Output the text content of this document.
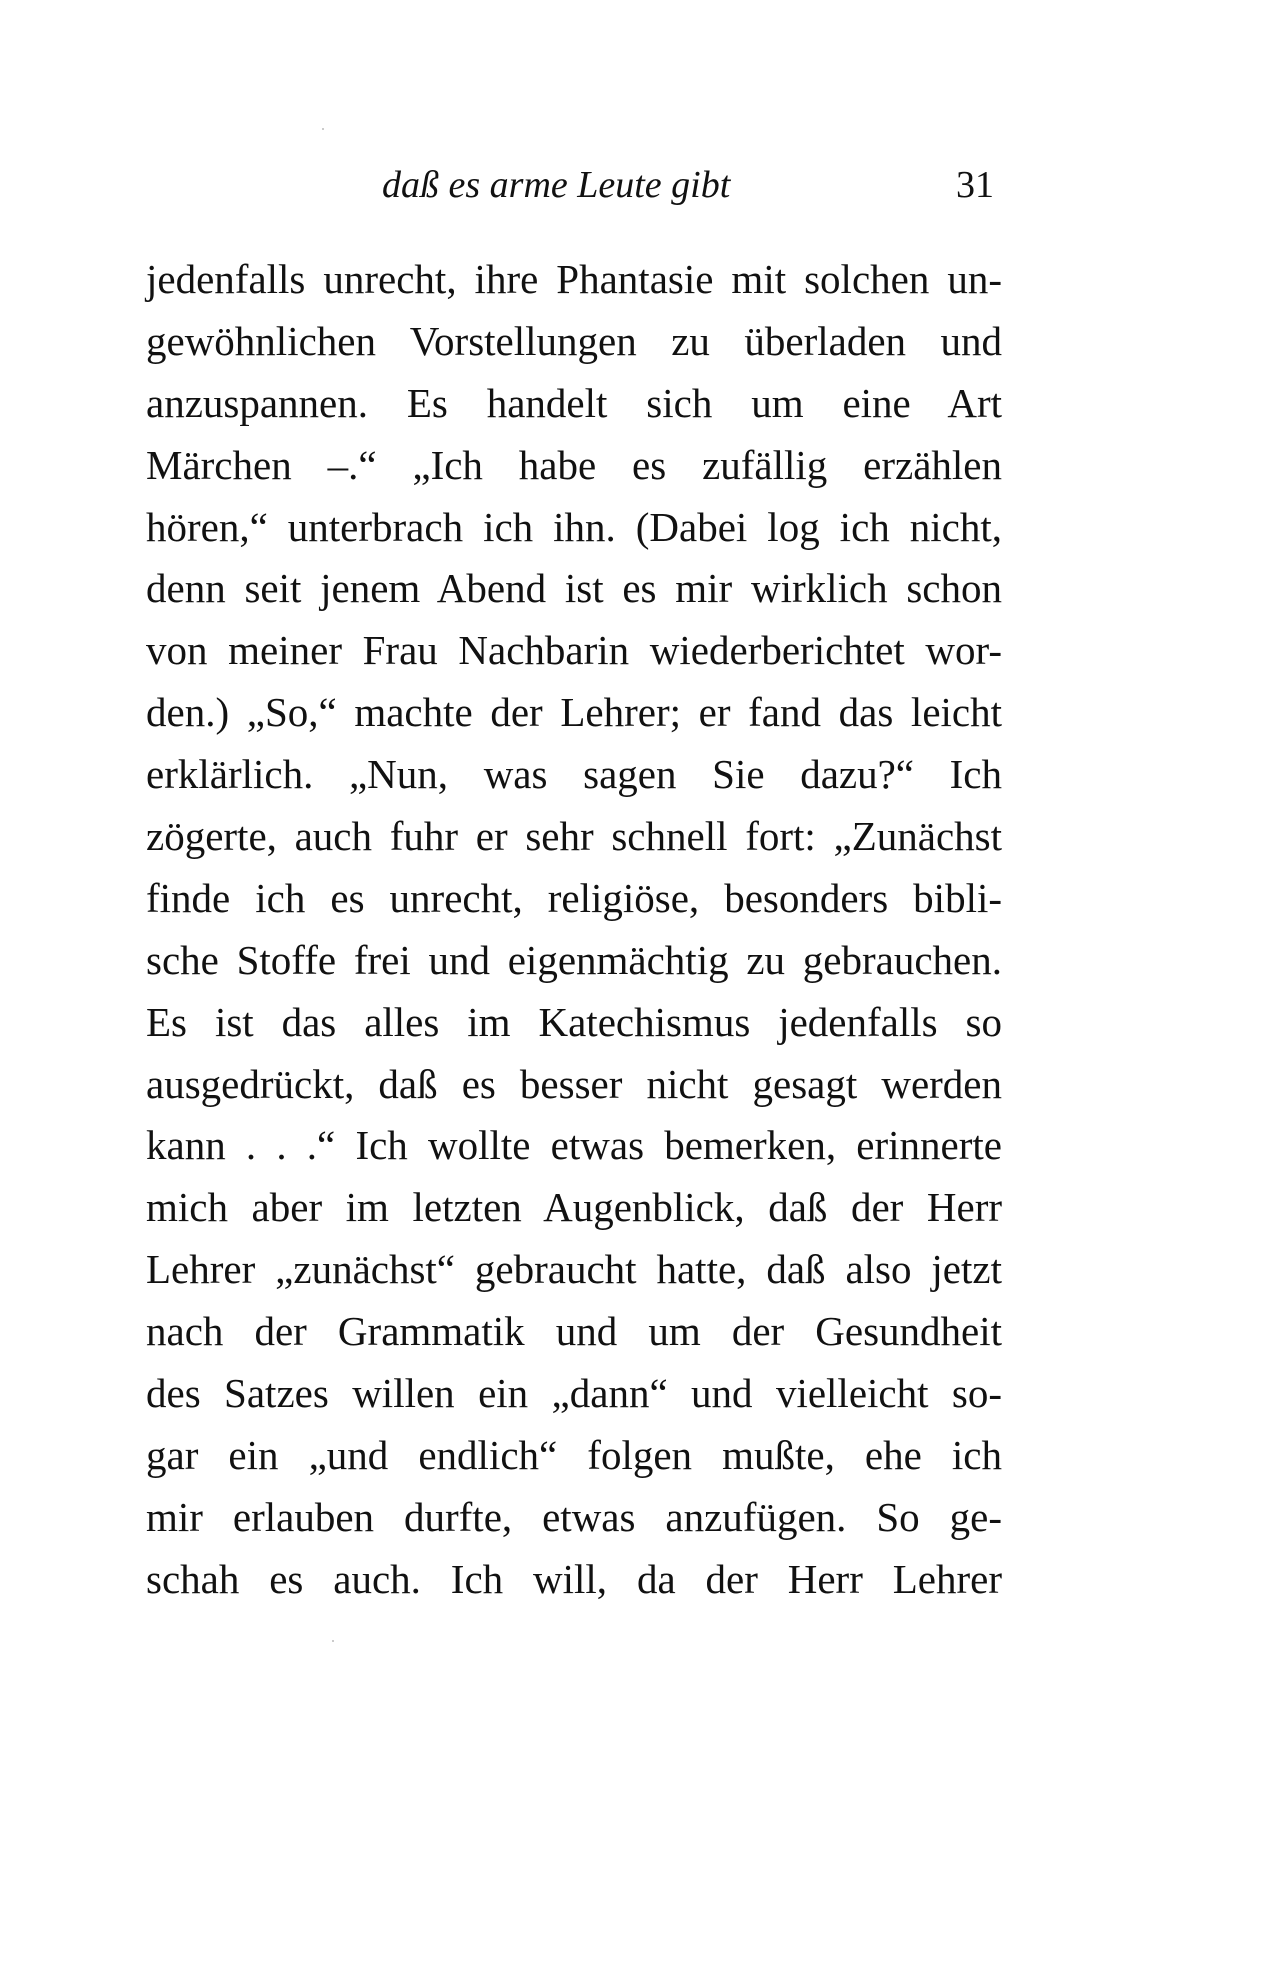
daß es arme Leute gibt	31
jedenfalls unrecht, ihre Phantasie mit solchen un-
gewöhnlichen Vorstellungen zu überladen und
anzuspannen. Es handelt sich um eine Art
Märchen –.“ „Ich habe es zufällig erzählen
hören,“ unterbrach ich ihn. (Dabei log ich nicht,
denn seit jenem Abend ist es mir wirklich schon
von meiner Frau Nachbarin wiederberichtet wor-
den.) „So,“ machte der Lehrer; er fand das leicht
erklärlich. „Nun, was sagen Sie dazu?“ Ich
zögerte, auch fuhr er sehr schnell fort: „Zunächst
finde ich es unrecht, religiöse, besonders bibli-
sche Stoffe frei und eigenmächtig zu gebrauchen.
Es ist das alles im Katechismus jedenfalls so
ausgedrückt, daß es besser nicht gesagt werden
kann . . .“ Ich wollte etwas bemerken, erinnerte
mich aber im letzten Augenblick, daß der Herr
Lehrer „zunächst“ gebraucht hatte, daß also jetzt
nach der Grammatik und um der Gesundheit
des Satzes willen ein „dann“ und vielleicht so-
gar ein „und endlich“ folgen mußte, ehe ich
mir erlauben durfte, etwas anzufügen. So ge-
schah es auch. Ich will, da der Herr Lehrer
